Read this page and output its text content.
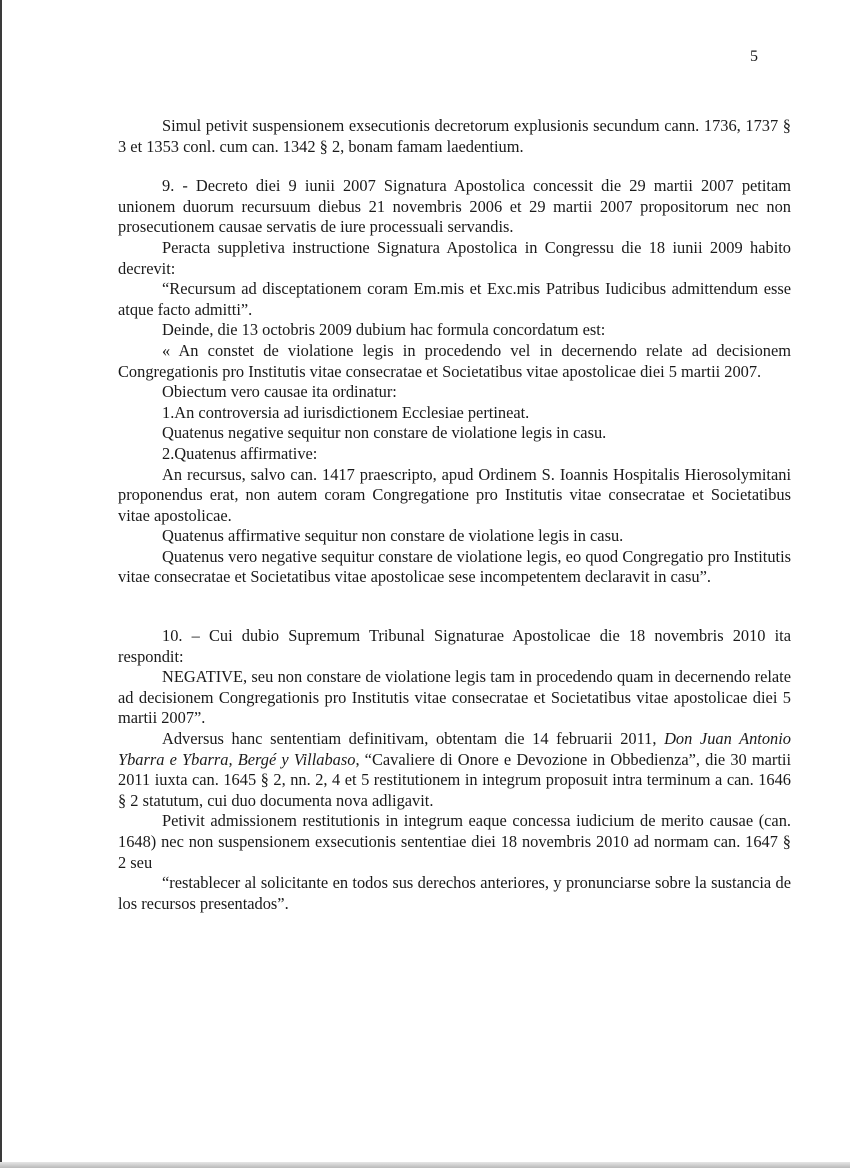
5

Simul petivit suspensionem exsecutionis decretorum explusionis secundum cann. 1736, 1737 § 3 et 1353 conl. cum can. 1342 § 2, bonam famam laedentium.

9. - Decreto diei 9 iunii 2007 Signatura Apostolica concessit die 29 martii 2007 petitam unionem duorum recursuum diebus 21 novembris 2006 et 29 martii 2007 propositorum nec non prosecutionem causae servatis de iure processuali servandis.

Peracta suppletiva instructione Signatura Apostolica in Congressu die 18 iunii 2009 habito decrevit:

“Recursum ad disceptationem coram Em.mis et Exc.mis Patribus Iudicibus admittendum esse atque facto admitti”.

Deinde, die 13 octobris 2009 dubium hac formula concordatum est:

« An constet de violatione legis in procedendo vel in decernendo relate ad decisionem Congregationis pro Institutis vitae consecratae et Societatibus vitae apostolicae diei 5 martii 2007.

Obiectum vero causae ita ordinatur:

1.An controversia ad iurisdictionem Ecclesiae pertineat.

Quatenus negative sequitur non constare de violatione legis in casu.

2.Quatenus affirmative:

An recursus, salvo can. 1417 praescripto, apud Ordinem S. Ioannis Hospitalis Hierosolymitani proponendus erat, non autem coram Congregatione pro Institutis vitae consecratae et Societatibus vitae apostolicae.

Quatenus affirmative sequitur non constare de violatione legis in casu.

Quatenus vero negative sequitur constare de violatione legis, eo quod Congregatio pro Institutis vitae consecratae et Societatibus vitae apostolicae sese incompetentem declaravit in casu”.

10. – Cui dubio Supremum Tribunal Signaturae Apostolicae die 18 novembris 2010 ita respondit:

NEGATIVE, seu non constare de violatione legis tam in procedendo quam in decernendo relate ad decisionem Congregationis pro Institutis vitae consecratae et Societatibus vitae apostolicae diei 5 martii 2007”.

Adversus hanc sententiam definitivam, obtentam die 14 februarii 2011, Don Juan Antonio Ybarra e Ybarra, Bergé y Villabaso, “Cavaliere di Onore e Devozione in Obbedienza”, die 30 martii 2011 iuxta can. 1645 § 2, nn. 2, 4 et 5 restitutionem in integrum proposuit intra terminum a can. 1646 § 2 statutum, cui duo documenta nova adligavit.

Petivit admissionem restitutionis in integrum eaque concessa iudicium de merito causae (can. 1648) nec non suspensionem exsecutionis sententiae diei 18 novembris 2010 ad normam can. 1647 § 2 seu

“restablecer al solicitante en todos sus derechos anteriores, y pronunciarse sobre la sustancia de los recursos presentados”.
